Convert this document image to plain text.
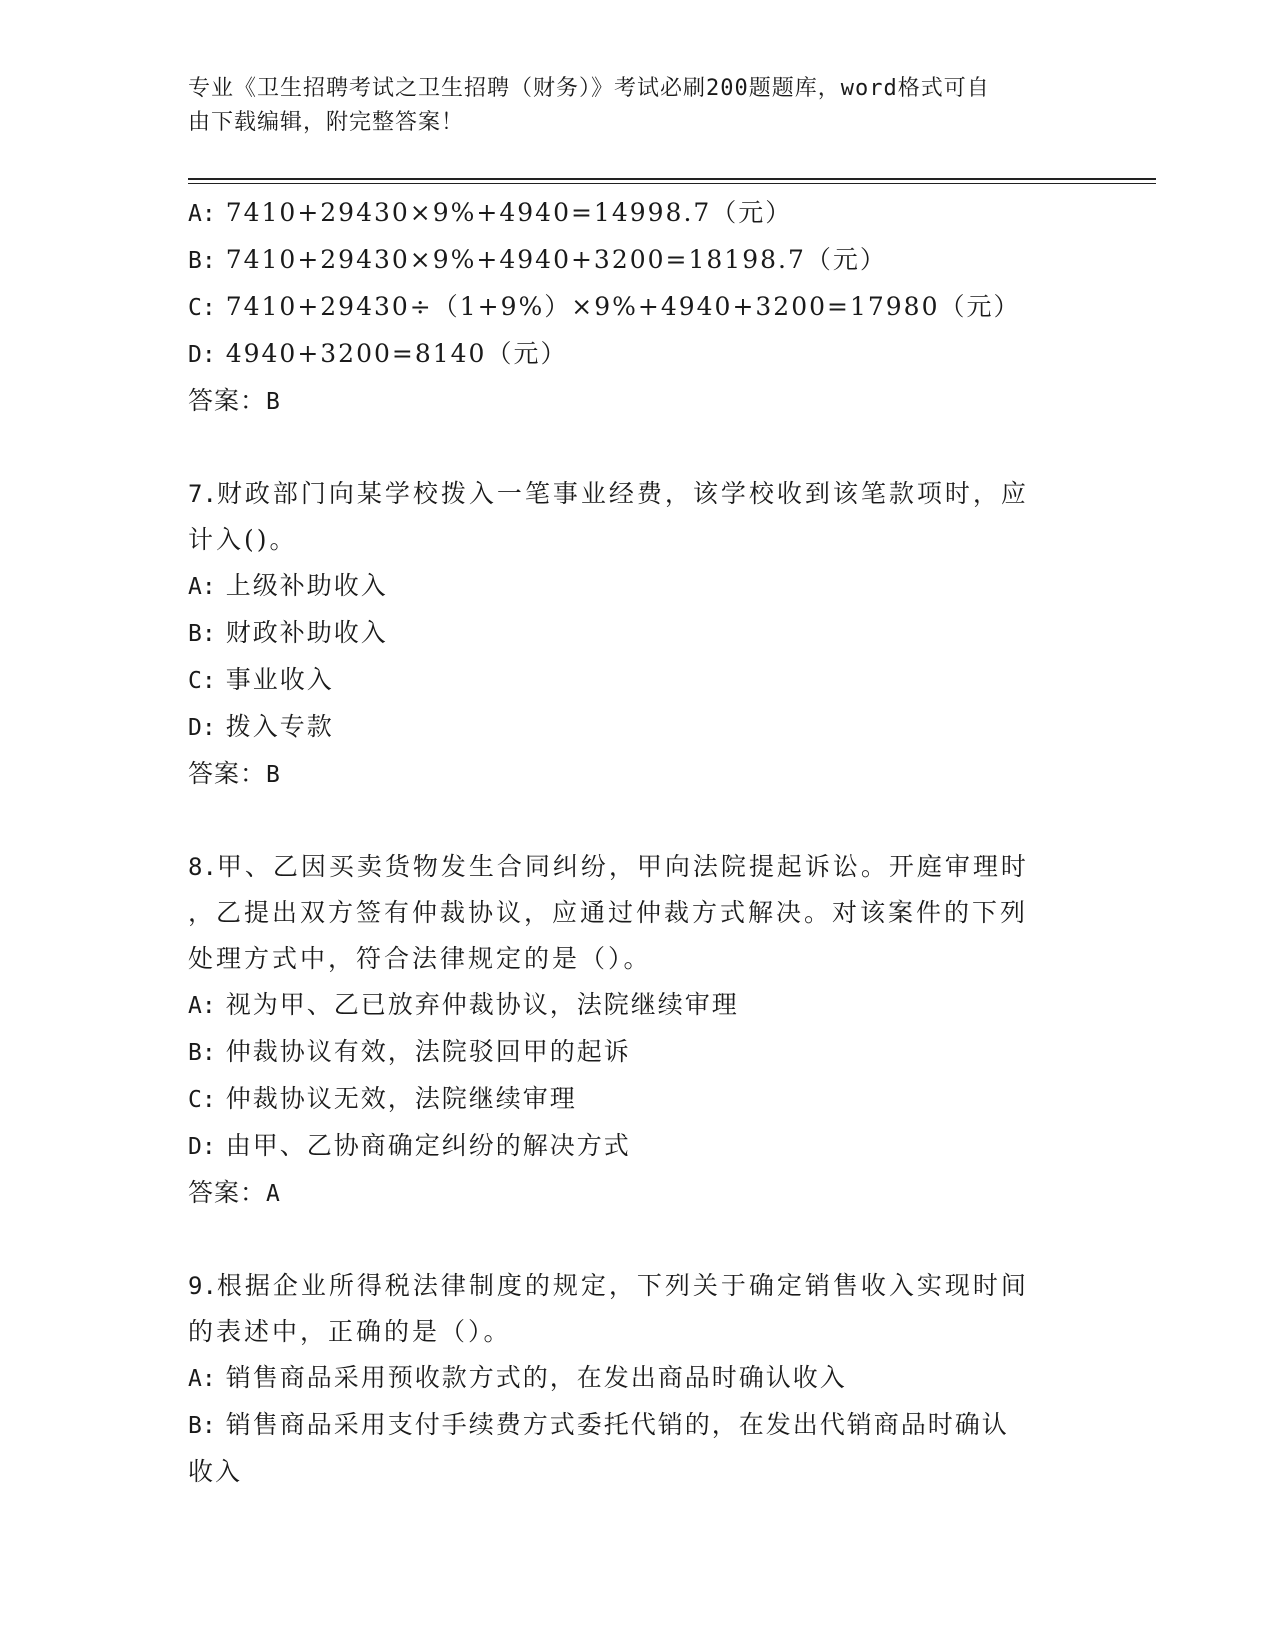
专业《卫生招聘考试之卫生招聘（财务）》考试必刷200题题库，word格式可自
由下载编辑，附完整答案！
A: 7410+29430×9%+4940=14998.7（元）
B: 7410+29430×9%+4940+3200=18198.7（元）
C: 7410+29430÷（1+9%）×9%+4940+3200=17980（元）
D: 4940+3200=8140（元）
答案：B
7.财政部门向某学校拨入一笔事业经费，该学校收到该笔款项时，应
计入()。
A: 上级补助收入
B: 财政补助收入
C: 事业收入
D: 拨入专款
答案：B
8.甲、乙因买卖货物发生合同纠纷，甲向法院提起诉讼。开庭审理时
，乙提出双方签有仲裁协议，应通过仲裁方式解决。对该案件的下列
处理方式中，符合法律规定的是（）。
A: 视为甲、乙已放弃仲裁协议，法院继续审理
B: 仲裁协议有效，法院驳回甲的起诉
C: 仲裁协议无效，法院继续审理
D: 由甲、乙协商确定纠纷的解决方式
答案：A
9.根据企业所得税法律制度的规定，下列关于确定销售收入实现时间
的表述中，正确的是（）。
A: 销售商品采用预收款方式的，在发出商品时确认收入
B: 销售商品采用支付手续费方式委托代销的，在发出代销商品时确认
收入
